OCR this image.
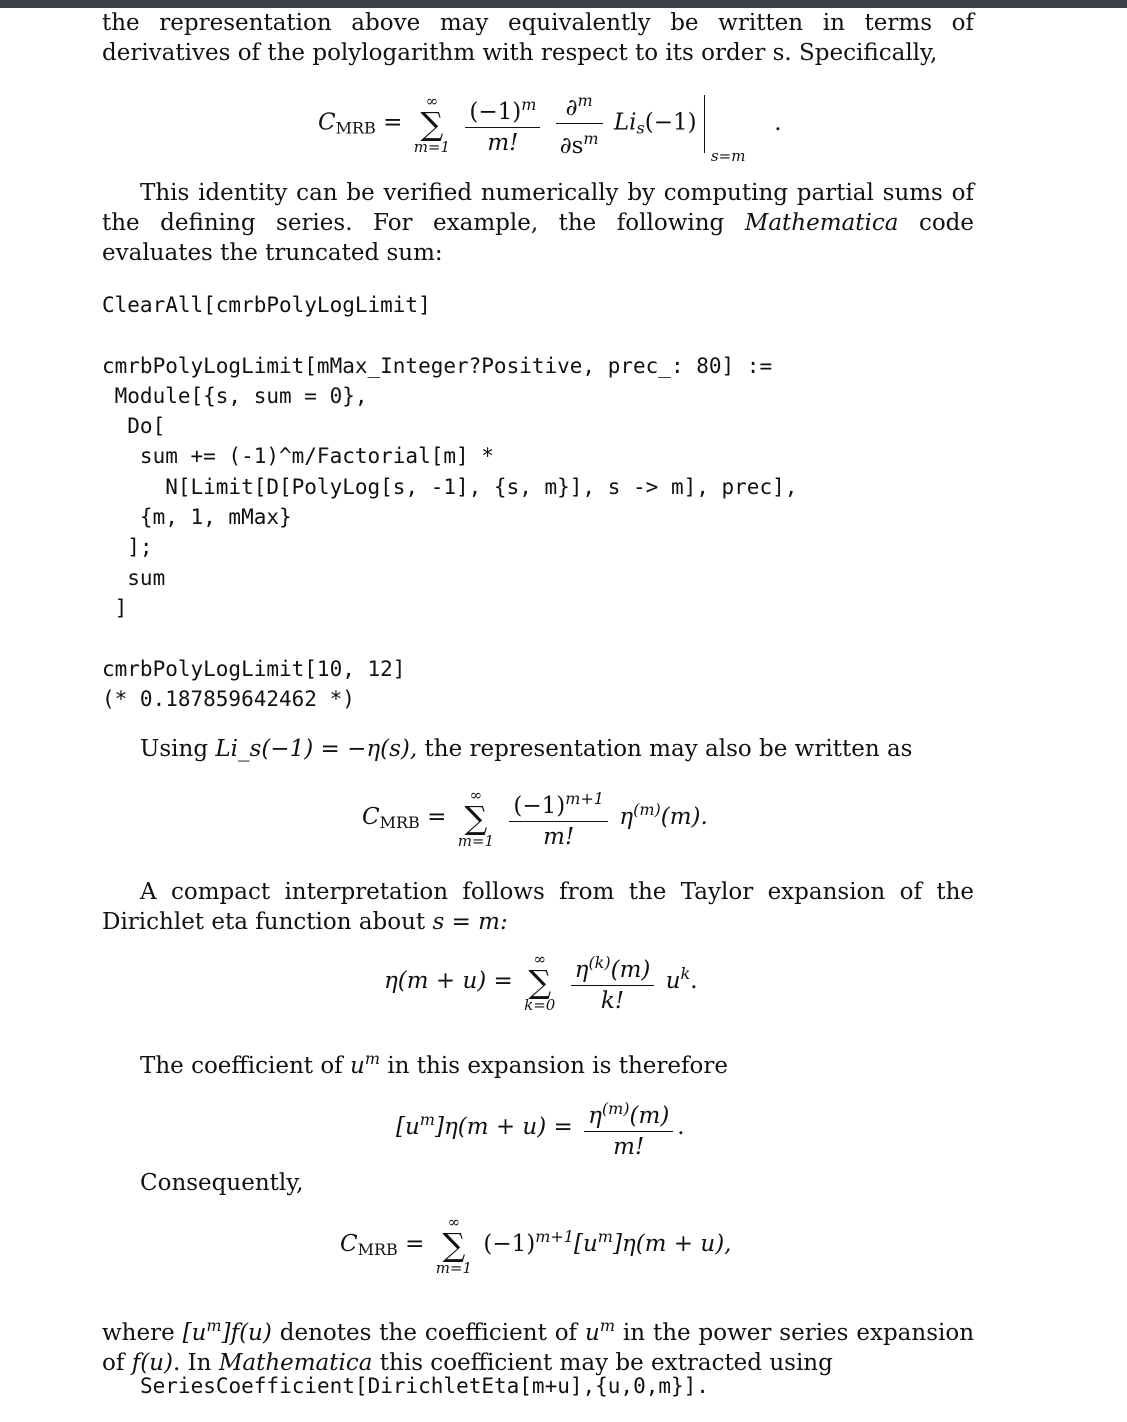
the representation above may equivalently be written in terms of derivatives of the polylogarithm with respect to its order s. Specifically,

$C_{MRB}$ =
∞
∑
m=1
$\frac{(-1)^m}{m!}$
$\frac{\partial^m}{\partial s^m} Li_s(-1)$
s=m
.

This identity can be verified numerically by computing partial sums of the defining series. For example, the following Mathematica code evaluates the truncated sum:

ClearAll[cmrbPolyLogLimit]

cmrbPolyLogLimit[mMax_Integer?Positive, prec_: 80] :=
Module[{s, sum = 0},
Do[
sum += (-1)^m/Factorial[m] *
N[Limit[D[PolyLog[s, -1], {s, m}], s -> m], prec],
{m, 1, mMax}
];
sum
]

cmrbPolyLogLimit[10, 12]
(* 0.187859642462 *)

Using Li_s(−1) = −η(s), the representation may also be written as

$C_{MRB}$ =
∞
∑
m=1
$\frac{(-1)^{m+1}}{m!} \eta^{(m)}(m)$.

A compact interpretation follows from the Taylor expansion of the Dirichlet eta function about s = m:

η(m + u) =
∞
∑
k=0
$\frac{\eta^{(k)}(m)}{k!} u^k$.

The coefficient of $u^m$ in this expansion is therefore

$[u^m]\eta(m + u) = \frac{\eta^{(m)}(m)}{m!}$ .

Consequently,

$C_{MRB}$ =
∞
∑
m=1
$(-1)^{m+1}[u^m]\eta(m + u)$,

where $[u^m]f(u)$ denotes the coefficient of $u^m$ in the power series expansion of f(u). In Mathematica this coefficient may be extracted using

SeriesCoefficient[DirichletEta[m+u],{u,0,m}].
